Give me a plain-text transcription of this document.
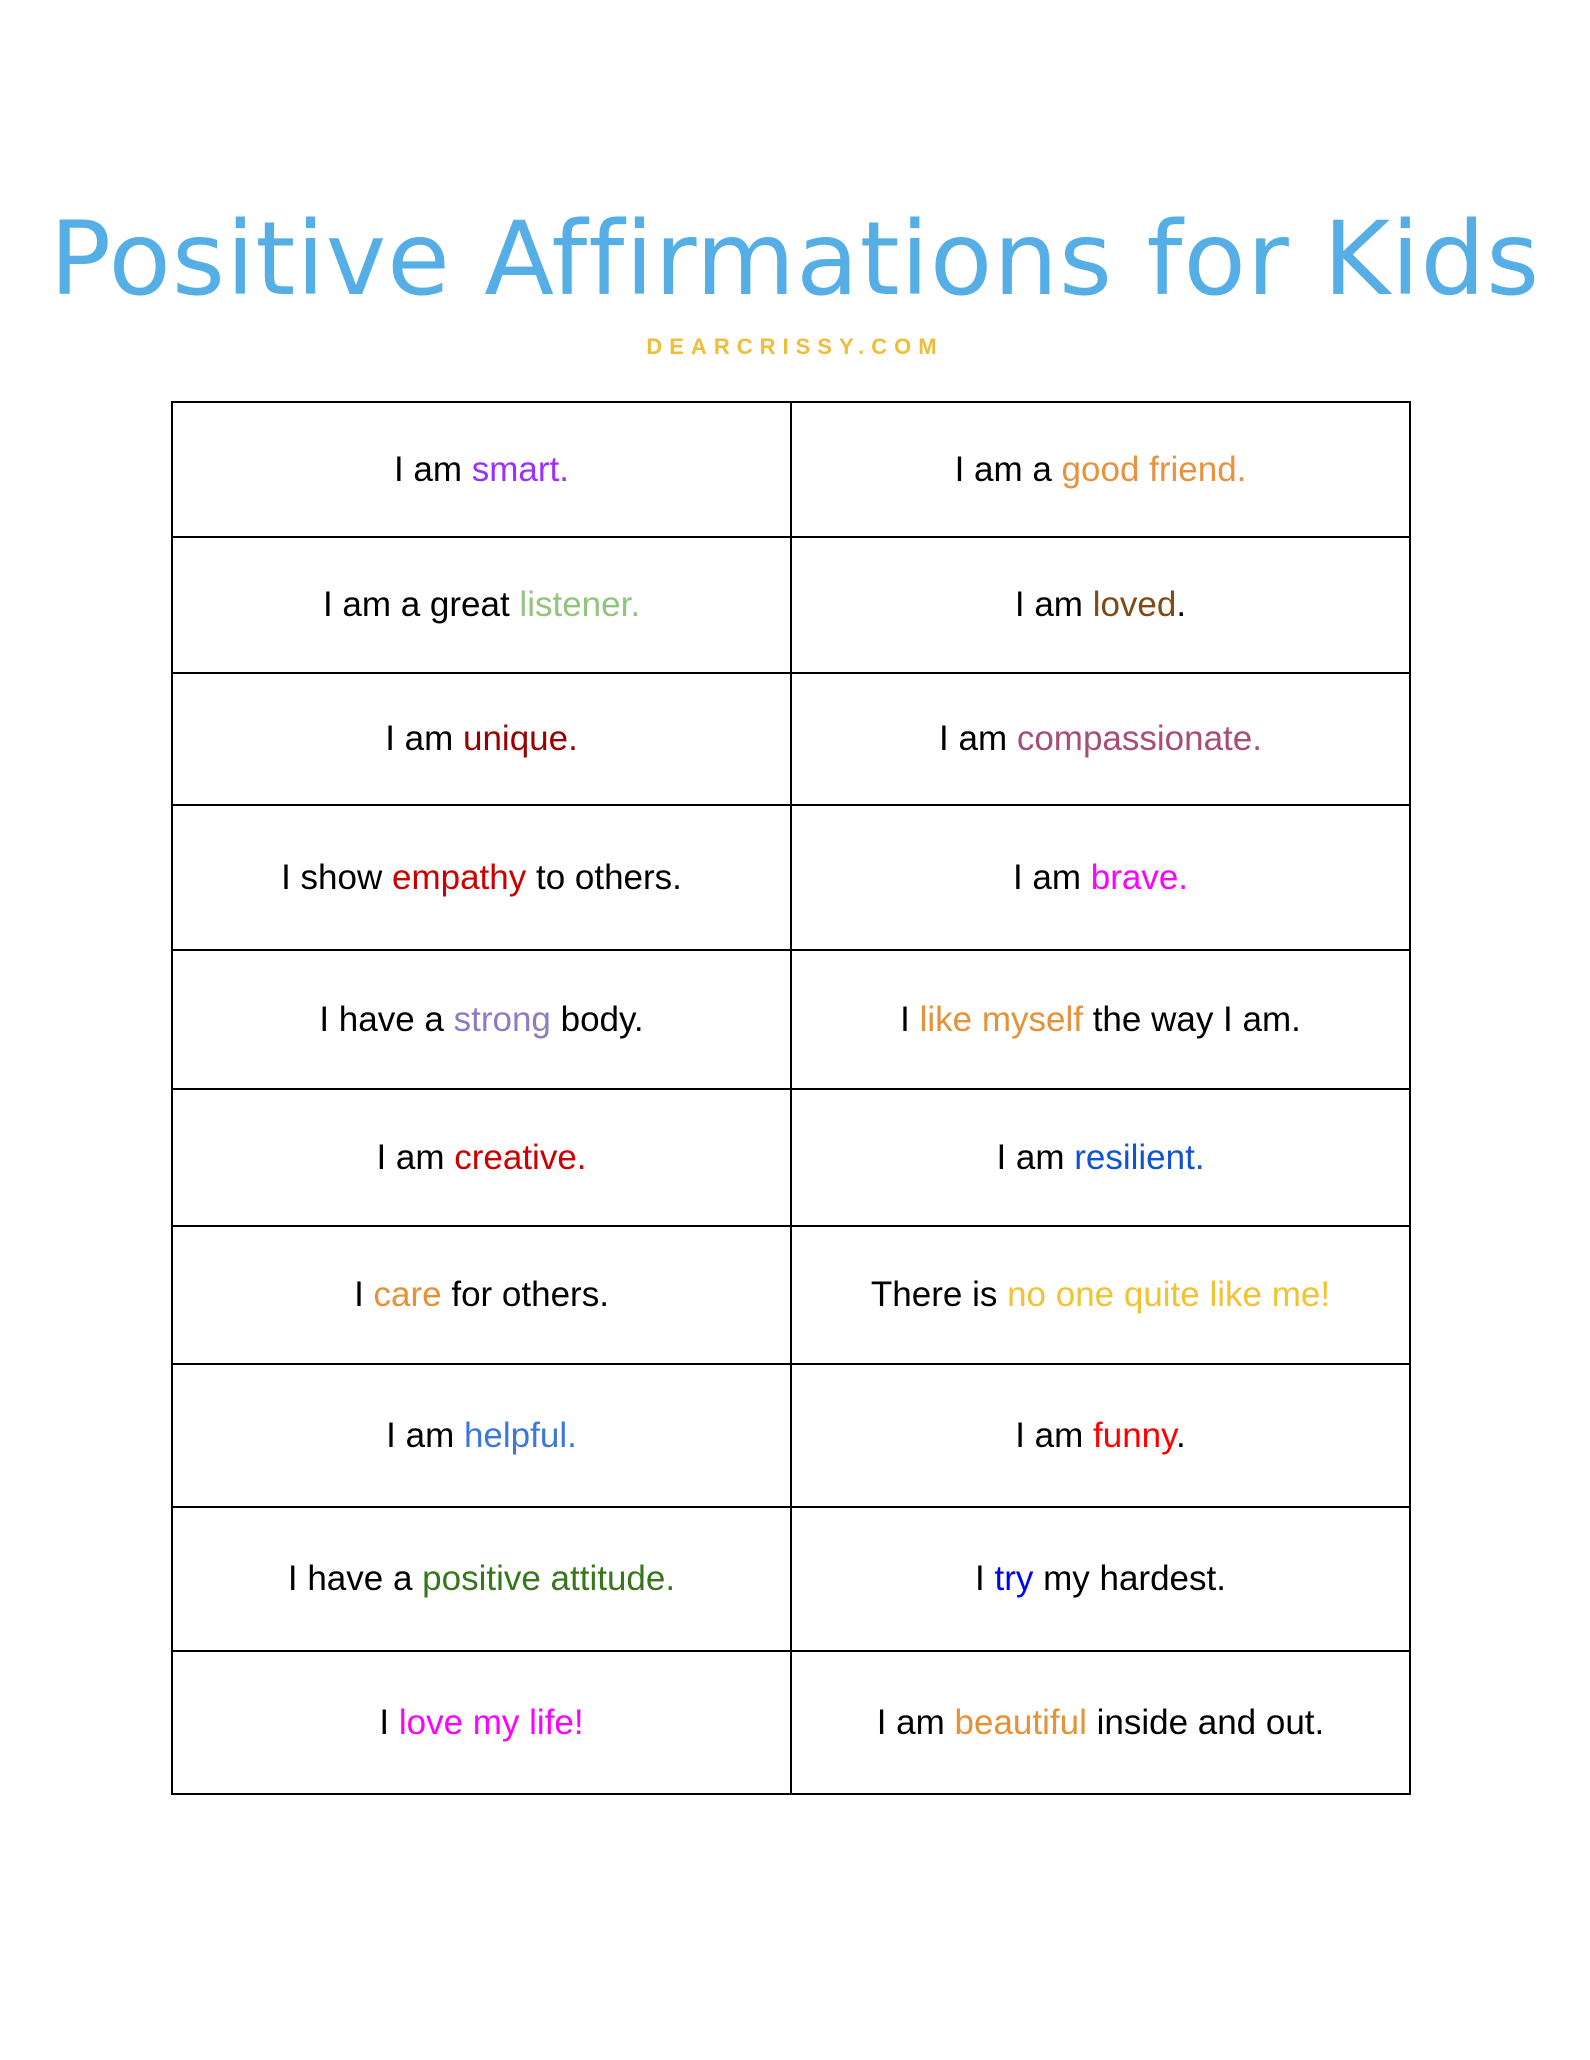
Positive Affirmations for Kids
DEARCRISSY.COM
I am smart.	I am a good friend.
I am a great listener.	I am loved.
I am unique.	I am compassionate.
I show empathy to others.	I am brave.
I have a strong body.	I like myself the way I am.
I am creative.	I am resilient.
I care for others.	There is no one quite like me!
I am helpful.	I am funny.
I have a positive attitude.	I try my hardest.
I love my life!	I am beautiful inside and out.
